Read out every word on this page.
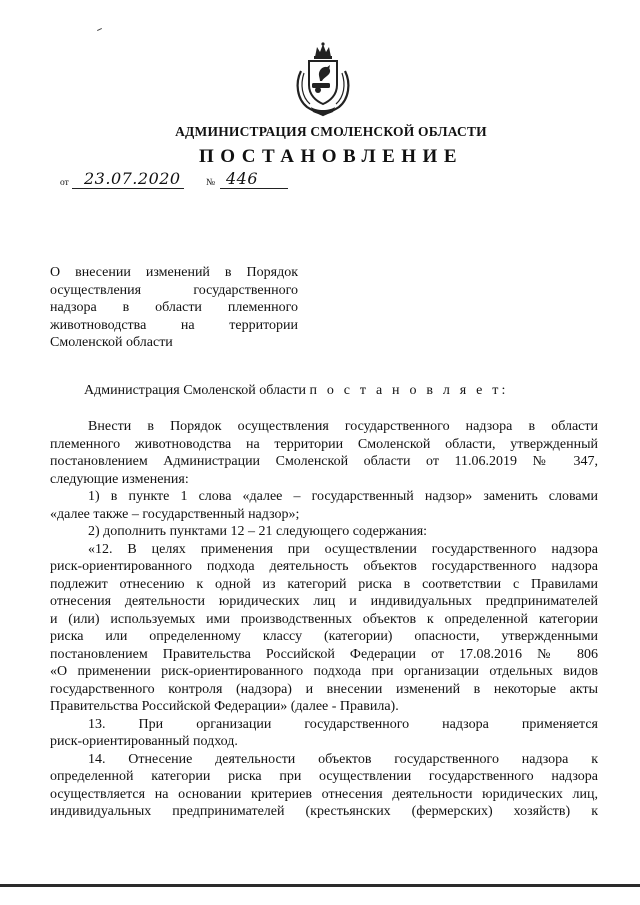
АДМИНИСТРАЦИЯ СМОЛЕНСКОЙ ОБЛАСТИ
ПОСТАНОВЛЕНИЕ
от 23.07.2020	№ 446
О внесении изменений в Порядок
осуществления государственного
надзора в области племенного
животноводства на территории
Смоленской области
Администрация Смоленской области п о с т а н о в л я е т:
Внести в Порядок осуществления государственного надзора в области
племенного животноводства на территории Смоленской области, утвержденный
постановлением Администрации Смоленской области от 11.06.2019 № 347,
следующие изменения:
1) в пункте 1 слова «далее – государственный надзор» заменить словами
«далее также – государственный надзор»;
2) дополнить пунктами 12 – 21 следующего содержания:
«12. В целях применения при осуществлении государственного надзора
риск-ориентированного подхода деятельность объектов государственного надзора
подлежит отнесению к одной из категорий риска в соответствии с Правилами
отнесения деятельности юридических лиц и индивидуальных предпринимателей
и (или) используемых ими производственных объектов к определенной категории
риска или определенному классу (категории) опасности, утвержденными
постановлением Правительства Российской Федерации от 17.08.2016 № 806
«О применении риск-ориентированного подхода при организации отдельных видов
государственного контроля (надзора) и внесении изменений в некоторые акты
Правительства Российской Федерации» (далее - Правила).
13. При организации государственного надзора применяется
риск-ориентированный подход.
14. Отнесение деятельности объектов государственного надзора к
определенной категории риска при осуществлении государственного надзора
осуществляется на основании критериев отнесения деятельности юридических лиц,
индивидуальных предпринимателей (крестьянских (фермерских) хозяйств) к
